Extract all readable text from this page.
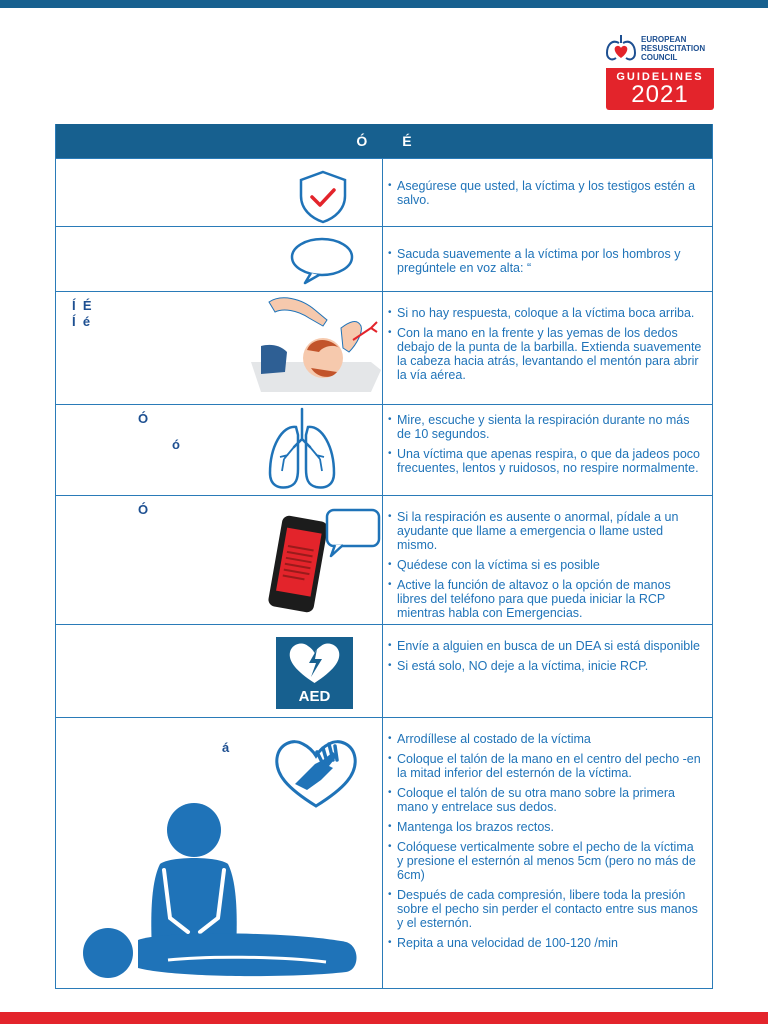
EUROPEAN
RESUSCITATION
COUNCIL
GUIDELINES
2021
Ó         É
• Asegúrese que usted, la víctima y los testigos estén a salvo.
• Sacuda suavemente a la víctima por los hombros y pregúntele en voz alta: “
Í  É
Í  é
• Si no hay respuesta, coloque a la víctima boca arriba.
• Con la mano en la frente y las yemas de los dedos debajo de la punta de la barbilla. Extienda suavemente la cabeza hacia atrás, levantando el mentón para abrir la vía aérea.
Ó
ó
• Mire, escuche y sienta la respiración durante no más de 10 segundos.
• Una víctima que apenas respira, o que da jadeos poco frecuentes, lentos y ruidosos, no respire normalmente.
Ó
•	Si la respiración es ausente o anormal, pídale a un ayudante que llame a emergencia o llame usted mismo.
• Quédese con la víctima si es posible
• Active la función de altavoz o la opción de manos libres del teléfono para que pueda iniciar la RCP mientras habla con Emergencias.
AED
• Envíe a alguien en busca de un DEA si está disponible
• Si está solo, NO deje a la víctima, inicie RCP.
á
• Arrodíllese al costado de la víctima
• Coloque el talón de la mano en el centro del pecho -en la mitad inferior del esternón de la víctima.
• Coloque el talón de su otra mano sobre la primera mano y entrelace sus dedos.
• Mantenga los brazos rectos.
• Colóquese verticalmente sobre el pecho de la víctima y presione el esternón al menos 5cm (pero no más de 6cm)
• Después de cada compresión, libere toda la presión sobre el pecho sin perder el contacto entre sus manos y el esternón.
• Repita a una velocidad de 100-120 /min
